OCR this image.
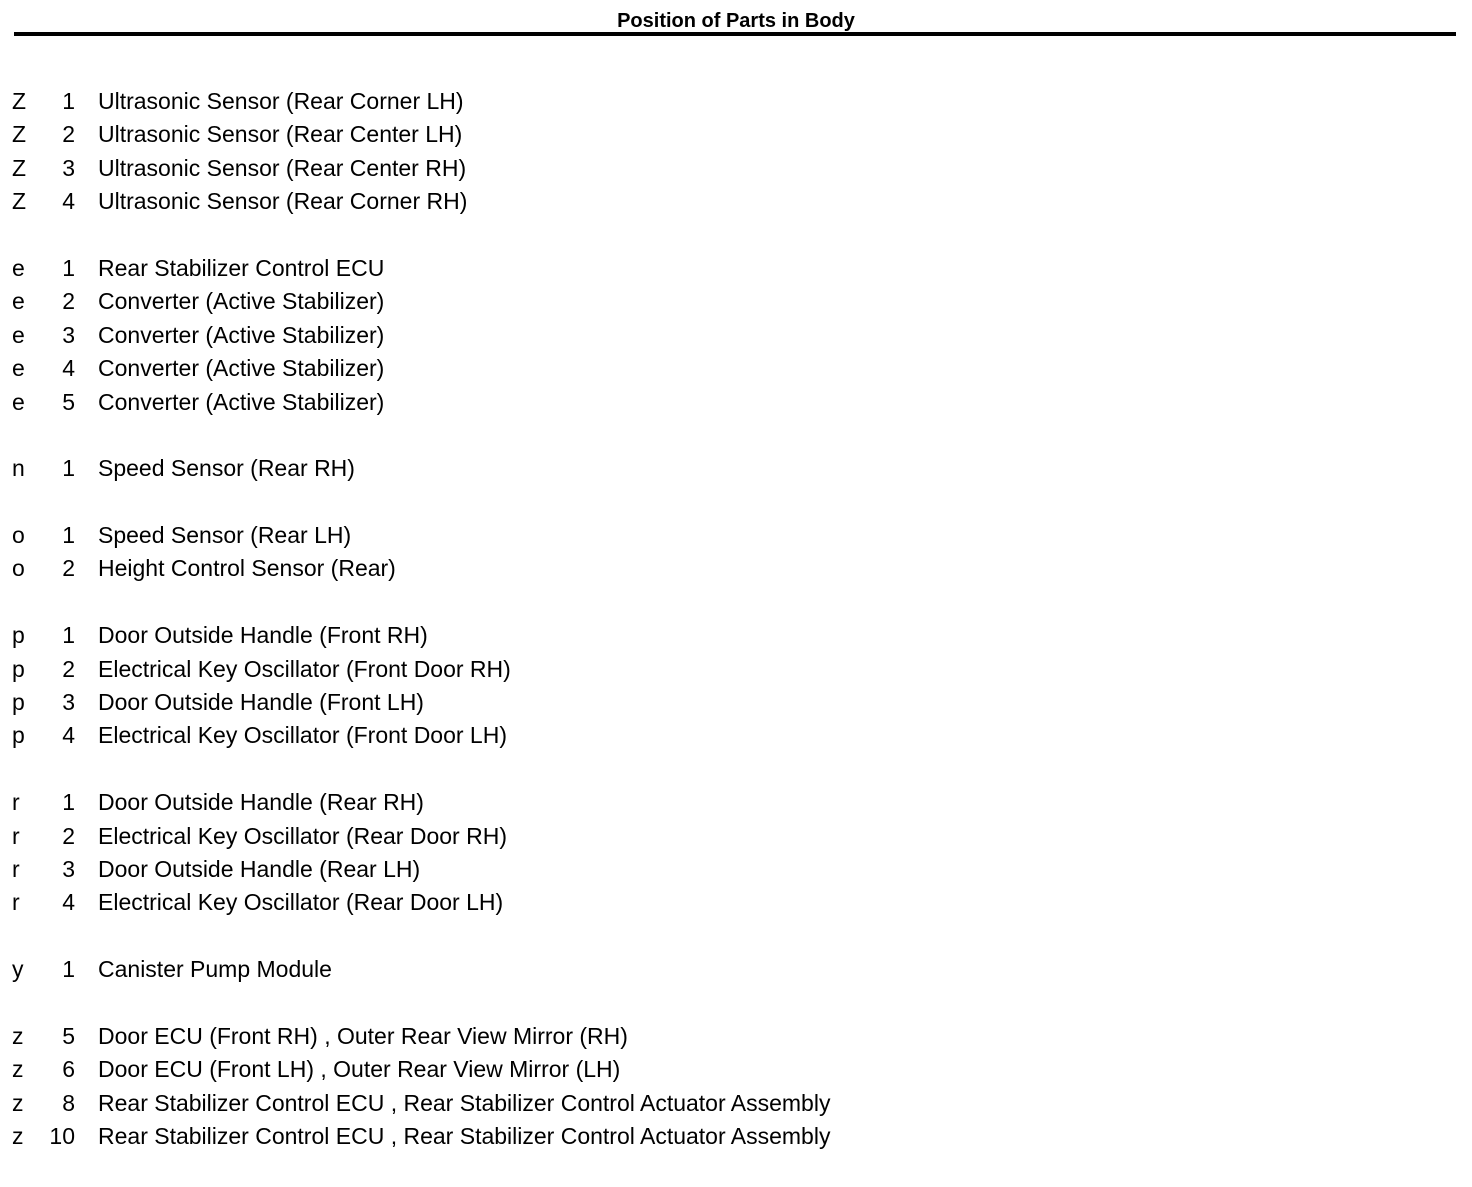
Position of Parts in Body
Z	1 Ultrasonic Sensor (Rear Corner LH)
Z	2 Ultrasonic Sensor (Rear Center LH)
Z	3 Ultrasonic Sensor (Rear Center RH)
Z	4 Ultrasonic Sensor (Rear Corner RH)
e	1 Rear Stabilizer Control ECU
e	2 Converter (Active Stabilizer)
e	3 Converter (Active Stabilizer)
e	4 Converter (Active Stabilizer)
e	5 Converter (Active Stabilizer)
n	1 Speed Sensor (Rear RH)
o	1 Speed Sensor (Rear LH)
o	2 Height Control Sensor (Rear)
p	1 Door Outside Handle (Front RH)
p	2 Electrical Key Oscillator (Front Door RH)
p	3 Door Outside Handle (Front LH)
p	4 Electrical Key Oscillator (Front Door LH)
r	1 Door Outside Handle (Rear RH)
r	2 Electrical Key Oscillator (Rear Door RH)
r	3 Door Outside Handle (Rear LH)
r	4 Electrical Key Oscillator (Rear Door LH)
y	1 Canister Pump Module
z	5 Door ECU (Front RH) , Outer Rear View Mirror (RH)
z	6 Door ECU (Front LH) , Outer Rear View Mirror (LH)
z	8 Rear Stabilizer Control ECU , Rear Stabilizer Control Actuator Assembly
z	10 Rear Stabilizer Control ECU , Rear Stabilizer Control Actuator Assembly
